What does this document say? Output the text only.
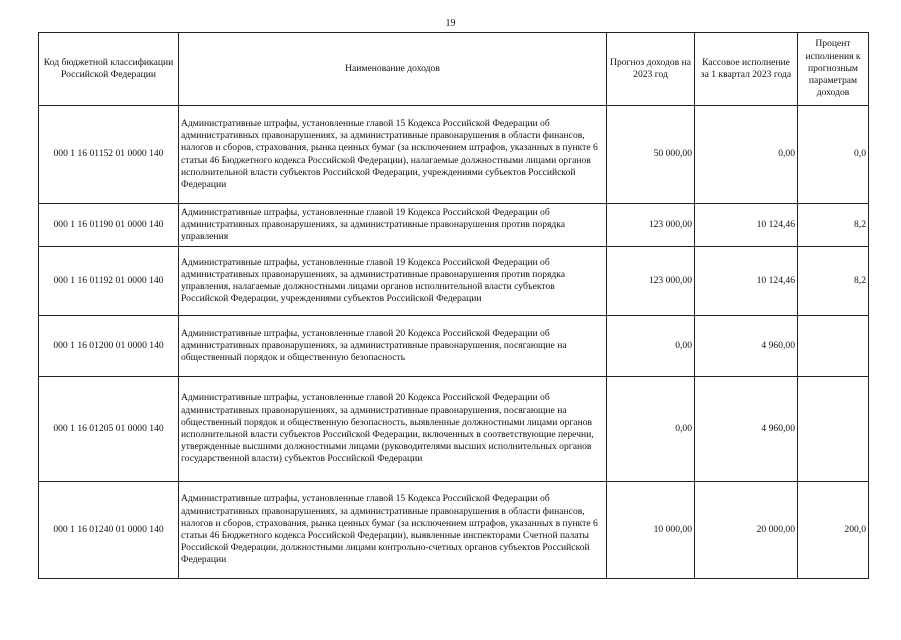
19
Код бюджетной классификации Российской Федерации	Наименование доходов	Прогноз доходов на 2023 год	Кассовое исполнение за 1 квартал 2023 года	Процент исполнения к прогнозным параметрам доходов
000 1 16 01152 01 0000 140	Административные штрафы, установленные главой 15 Кодекса Российской Федерации об административных правонарушениях, за административные правонарушения в области финансов, налогов и сборов, страхования, рынка ценных бумаг (за исключением штрафов, указанных в пункте 6 статьи 46 Бюджетного кодекса Российской Федерации), налагаемые должностными лицами органов исполнительной власти субъектов Российской Федерации, учреждениями субъектов Российской Федерации	50 000,00	0,00	0,0
000 1 16 01190 01 0000 140	Административные штрафы, установленные главой 19 Кодекса Российской Федерации об административных правонарушениях, за административные правонарушения против порядка управления	123 000,00	10 124,46	8,2
000 1 16 01192 01 0000 140	Административные штрафы, установленные главой 19 Кодекса Российской Федерации об административных правонарушениях, за административные правонарушения против порядка управления, налагаемые должностными лицами органов исполнительной власти субъектов Российской Федерации, учреждениями субъектов Российской Федерации	123 000,00	10 124,46	8,2
000 1 16 01200 01 0000 140	Административные штрафы, установленные главой 20 Кодекса Российской Федерации об административных правонарушениях, за административные правонарушения, посягающие на общественный порядок и общественную безопасность	0,00	4 960,00	
000 1 16 01205 01 0000 140	Административные штрафы, установленные главой 20 Кодекса Российской Федерации об административных правонарушениях, за административные правонарушения, посягающие на общественный порядок и общественную безопасность, выявленные должностными лицами органов исполнительной власти субъектов Российской Федерации, включенных в соответствующие перечни, утвержденные высшими должностными лицами (руководителями высших исполнительных органов государственной власти) субъектов Российской Федерации	0,00	4 960,00	
000 1 16 01240 01 0000 140	Административные штрафы, установленные главой 15 Кодекса Российской Федерации об административных правонарушениях, за административные правонарушения в области финансов, налогов и сборов, страхования, рынка ценных бумаг (за исключением штрафов, указанных в пункте 6 статьи 46 Бюджетного кодекса Российской Федерации), выявленные инспекторами Счетной палаты Российской Федерации, должностными лицами контрольно-счетных органов субъектов Российской Федерации	10 000,00	20 000,00	200,0
